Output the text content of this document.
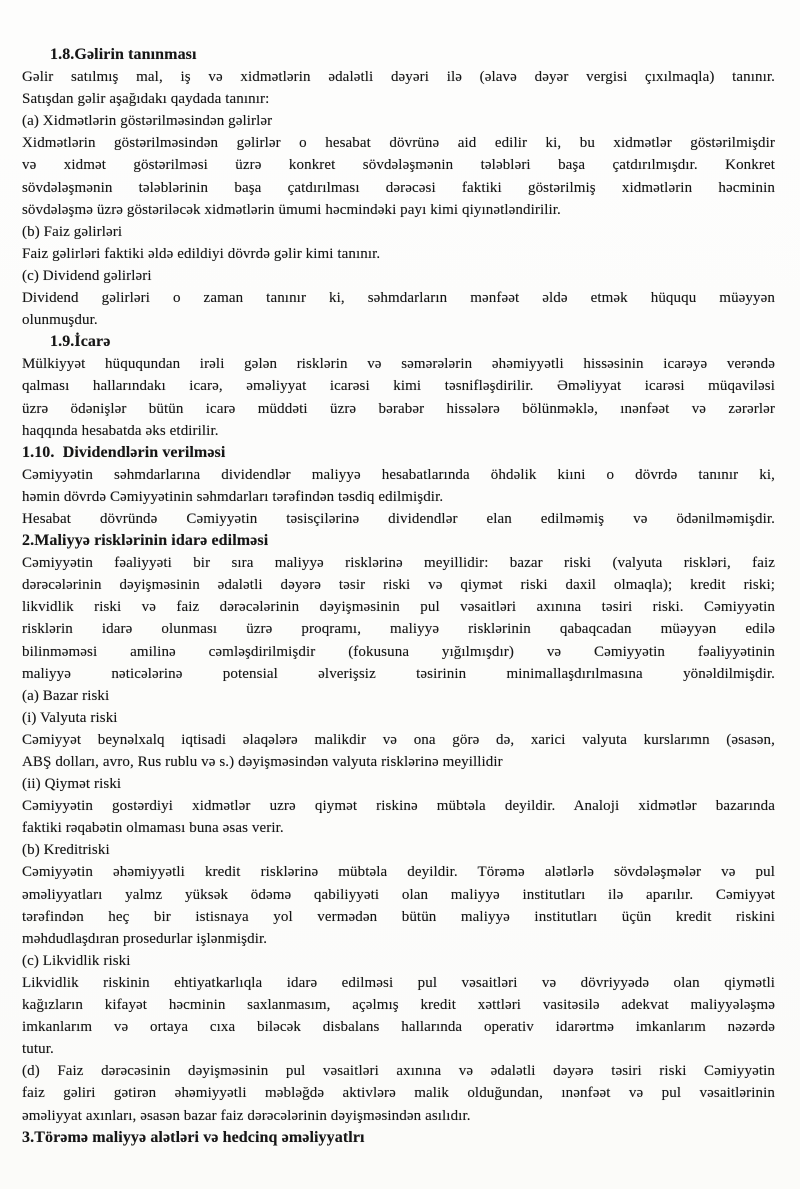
1.8.Gəlirin tanınması
Gəlir satılmış mal, iş və xidmətlərin ədalətli dəyəri ilə (əlavə dəyər vergisi çıxılmaqla) tanınır.
Satışdan gəlir aşağıdakı qaydada tanınır:
(a) Xidmətlərin göstərilməsindən gəlirlər
Xidmətlərin göstərilməsindən gəlirlər o hesabat dövrünə aid edilir ki, bu xidmətlər göstərilmişdir
və xidmət göstərilməsi üzrə konkret sövdələşmənin tələbləri başa çatdırılmışdır. Konkret
sövdələşmənin tələblərinin başa çatdırılması dərəcəsi faktiki göstərilmiş xidmətlərin həcminin
sövdələşmə üzrə göstəriləcək xidmətlərin ümumi həcmindəki payı kimi qiyınətləndirilir.
(b) Faiz gəlirləri
Faiz gəlirləri faktiki əldə edildiyi dövrdə gəlir kimi tanınır.
(c) Dividend gəlirləri
Dividend gəlirləri o zaman tanınır ki, səhmdarların mənfəət əldə etmək hüququ müəyyən
olunmuşdur.
1.9.İcarə
Mülkiyyət hüququndan irəli gələn risklərin və səmərələrin əhəmiyyətli hissəsinin icarəyə verəndə
qalması hallarındakı icarə, əməliyyat icarəsi kimi təsnifləşdirilir. Əməliyyat icarəsi müqaviləsi
üzrə ödənişlər bütün icarə müddəti üzrə bərabər hissələrə bölünməklə, ınənfəət və zərərlər
haqqında hesabatda əks etdirilir.
1.10.  Dividendlərin verilməsi
Cəmiyyətin səhmdarlarına dividendlər maliyyə hesabatlarında öhdəlik kiıni o dövrdə tanınır ki,
həmin dövrdə Cəmiyyətinin səhmdarları tərəfindən təsdiq edilmişdir.
Hesabat dövründə Cəmiyyətin təsisçilərinə dividendlər elan edilməmiş və ödənilməmişdir.
2.Maliyyə risklərinin idarə edilməsi
Cəmiyyətin fəaliyyəti bir sıra maliyyə risklərinə meyillidir: bazar riski (valyuta riskləri, faiz
dərəcələrinin dəyişməsinin ədalətli dəyərə təsir riski və qiymət riski daxil olmaqla); kredit riski;
likvidlik riski və faiz dərəcələrinin dəyişməsinin pul vəsaitləri axınına təsiri riski. Cəmiyyətin
risklərin idarə olunması üzrə proqramı, maliyyə risklərinin qabaqcadan müəyyən edilə
bilinməməsi amilinə cəmləşdirilmişdir (fokusuna yığılmışdır) və Cəmiyyətin fəaliyyətinin
maliyyə nəticələrinə potensial əlverişsiz təsirinin minimallaşdırılmasına yönəldilmişdir.
(a) Bazar riski
(i) Valyuta riski
Cəmiyyət beynəlxalq iqtisadi əlaqələrə malikdir və ona görə də, xarici valyuta kurslarımn (əsasən,
ABŞ dolları, avro, Rus rublu və s.) dəyişməsindən valyuta risklərinə meyillidir
(ii) Qiymət riski
Cəmiyyətin gostərdiyi xidmətlər uzrə qiymət riskinə mübtəla deyildir. Analoji xidmətlər bazarında
faktiki rəqabətin olmaması buna əsas verir.
(b) Kreditriski
Cəmiyyətin əhəmiyyətli kredit risklərinə mübtəla deyildir. Törəmə alətlərlə sövdələşmələr və pul
əməliyyatları yalmz yüksək ödəmə qabiliyyəti olan maliyyə institutları ilə aparılır. Cəmiyyət
tərəfindən heç bir istisnaya yol vermədən bütün maliyyə institutları üçün kredit riskini
məhdudlaşdıran prosedurlar işlənmişdir.
(c) Likvidlik riski
Likvidlik riskinin ehtiyatkarlıqla idarə edilməsi pul vəsaitləri və dövriyyədə olan qiymətli
kağızların kifayət həcminin saxlanmasım, açəlmış kredit xəttləri vasitəsilə adekvat maliyyələşmə
imkanlarım və ortaya cıxa biləcək disbalans hallarında operativ idarərtmə imkanlarım nəzərdə
tutur.
(d) Faiz dərəcəsinin dəyişməsinin pul vəsaitləri axınına və ədalətli dəyərə təsiri riski Cəmiyyətin
faiz gəliri gətirən əhəmiyyətli məbləğdə aktivlərə malik olduğundan, ınənfəət və pul vəsaitlərinin
əməliyyat axınları, əsasən bazar faiz dərəcələrinin dəyişməsindən asılıdır.
3.Törəmə maliyyə alətləri və hedcinq əməliyyatlrı
